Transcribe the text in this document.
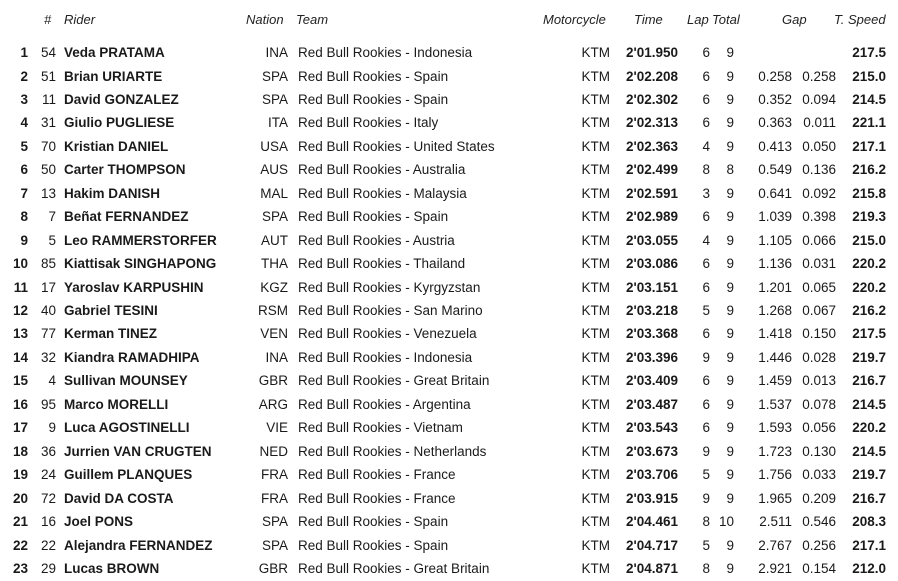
# Rider	Nation Team	Motorcycle Time Lap Total	Gap T. Speed
1 54 Veda PRATAMA	INA Red Bull Rookies - Indonesia	KTM	2'01.950	6	9	217.5
2 51 Brian URIARTE	SPA Red Bull Rookies - Spain	KTM	2'02.208	6	9	0.258 0.258	215.0
3	11 David GONZALEZ	SPA Red Bull Rookies - Spain	KTM	2'02.302	6	9	0.352 0.094	214.5
4 31 Giulio PUGLIESE	ITA Red Bull Rookies - Italy	KTM	2'02.313	6	9	0.363 0.011	221.1
5 70 Kristian DANIEL	USA Red Bull Rookies - United States	KTM	2'02.363	4	9	0.413 0.050	217.1
6 50 Carter THOMPSON	AUS Red Bull Rookies - Australia	KTM	2'02.499	8	8	0.549 0.136	216.2
7 13 Hakim DANISH	MAL Red Bull Rookies - Malaysia	KTM	2'02.591	3	9	0.641 0.092	215.8
8	7 Beñat FERNANDEZ	SPA Red Bull Rookies - Spain	KTM	2'02.989	6	9	1.039 0.398	219.3
9	5 Leo RAMMERSTORFER	AUT Red Bull Rookies - Austria	KTM	2'03.055	4	9	1.105 0.066	215.0
10 85 Kiattisak SINGHAPONG	THA Red Bull Rookies - Thailand	KTM	2'03.086	6	9	1.136 0.031	220.2
11 17 Yaroslav KARPUSHIN	KGZ Red Bull Rookies - Kyrgyzstan	KTM	2'03.151	6	9	1.201 0.065	220.2
12 40 Gabriel TESINI	RSM Red Bull Rookies - San Marino	KTM	2'03.218	5	9	1.268 0.067	216.2
13 77 Kerman TINEZ	VEN Red Bull Rookies - Venezuela	KTM	2'03.368	6	9	1.418 0.150	217.5
14 32 Kiandra RAMADHIPA	INA Red Bull Rookies - Indonesia	KTM	2'03.396	9	9	1.446 0.028	219.7
15	4 Sullivan MOUNSEY	GBR Red Bull Rookies - Great Britain	KTM	2'03.409	6	9	1.459 0.013	216.7
16 95 Marco MORELLI	ARG Red Bull Rookies - Argentina	KTM	2'03.487	6	9	1.537 0.078	214.5
17	9 Luca AGOSTINELLI	VIE Red Bull Rookies - Vietnam	KTM	2'03.543	6	9	1.593 0.056	220.2
18 36 Jurrien VAN CRUGTEN	NED Red Bull Rookies - Netherlands	KTM	2'03.673	9	9	1.723 0.130	214.5
19 24 Guillem PLANQUES	FRA Red Bull Rookies - France	KTM	2'03.706	5	9	1.756 0.033	219.7
20 72 David DA COSTA	FRA Red Bull Rookies - France	KTM	2'03.915	9	9	1.965 0.209	216.7
21 16 Joel PONS	SPA Red Bull Rookies - Spain	KTM	2'04.461	8 10	2.511 0.546	208.3
22 22 Alejandra FERNANDEZ	SPA Red Bull Rookies - Spain	KTM	2'04.717	5	9	2.767 0.256	217.1
23 29 Lucas BROWN	GBR Red Bull Rookies - Great Britain	KTM	2'04.871	8	9	2.921 0.154	212.0
